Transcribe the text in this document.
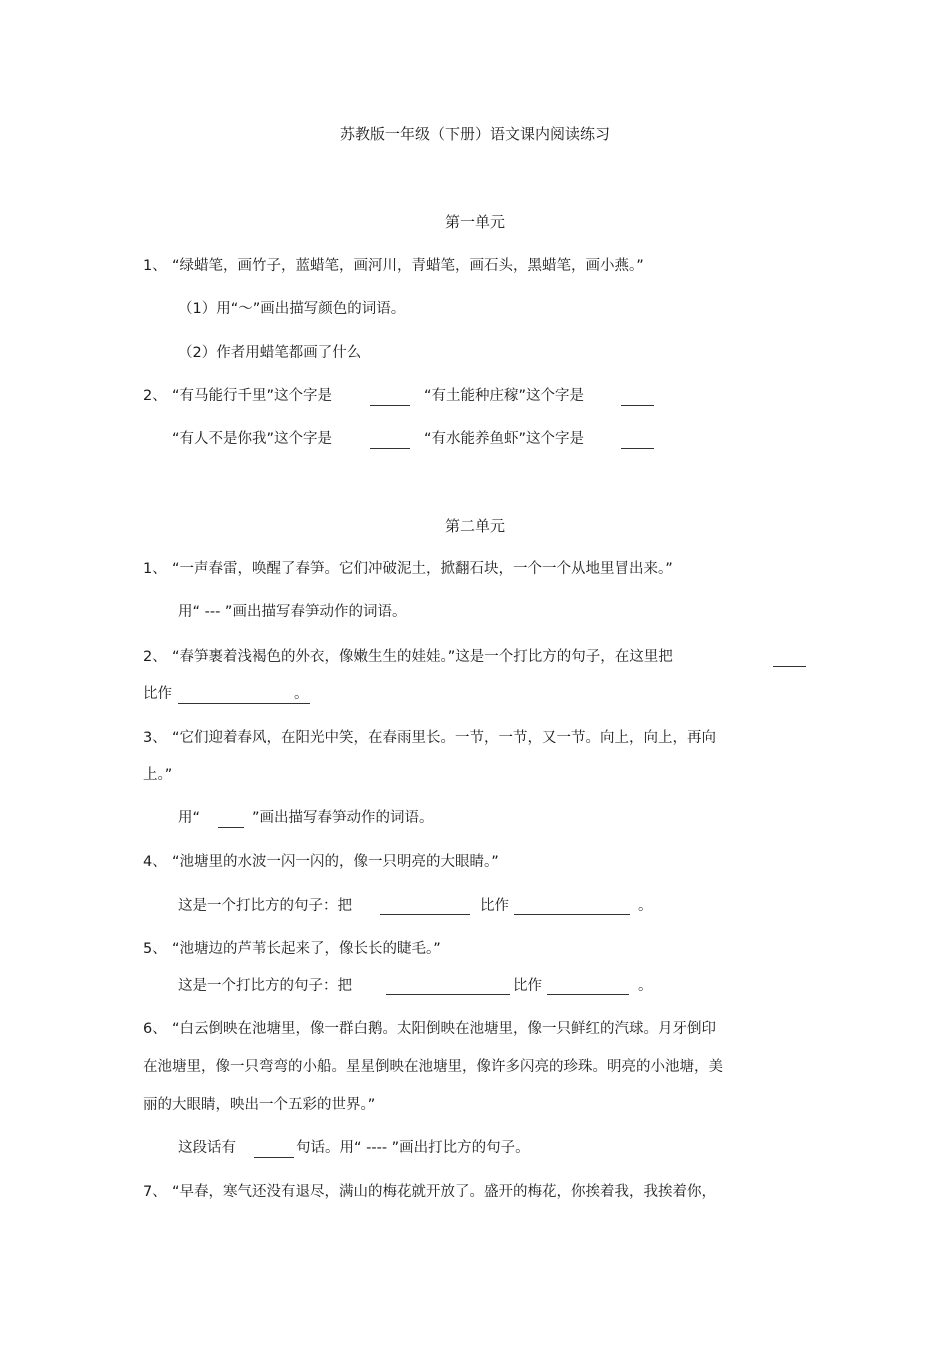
苏教版一年级（下册）语文课内阅读练习
第一单元
1、 “绿蜡笔，画竹子，蓝蜡笔，画河川，青蜡笔，画石头，黑蜡笔，画小燕。”
（1）用“～”画出描写颜色的词语。
（2）作者用蜡笔都画了什么
2、 “有马能行千里”这个字是	“有土能种庄稼”这个字是
“有人不是你我”这个字是	“有水能养鱼虾”这个字是
第二单元
1、 “一声春雷，唤醒了春笋。它们冲破泥土，掀翻石块，一个一个从地里冒出来。”
用“ --- ”画出描写春笋动作的词语。
2、 “春笋裹着浅褐色的外衣，像嫩生生的娃娃。”这是一个打比方的句子，在这里把
比作	。
3、 “它们迎着春风，在阳光中笑，在春雨里长。一节，一节，又一节。向上，向上，再向
上。”
用“	”画出描写春笋动作的词语。
4、 “池塘里的水波一闪一闪的，像一只明亮的大眼睛。”
这是一个打比方的句子：把	比作	。
5、 “池塘边的芦苇长起来了，像长长的睫毛。”
这是一个打比方的句子：把	比作	。
6、 “白云倒映在池塘里，像一群白鹅。太阳倒映在池塘里，像一只鲜红的汽球。月牙倒印
在池塘里，像一只弯弯的小船。星星倒映在池塘里，像许多闪亮的珍珠。明亮的小池塘，美
丽的大眼睛，映出一个五彩的世界。”
这段话有	句话。用“ ---- ”画出打比方的句子。
7、 “早春，寒气还没有退尽，满山的梅花就开放了。盛开的梅花，你挨着我，我挨着你，
